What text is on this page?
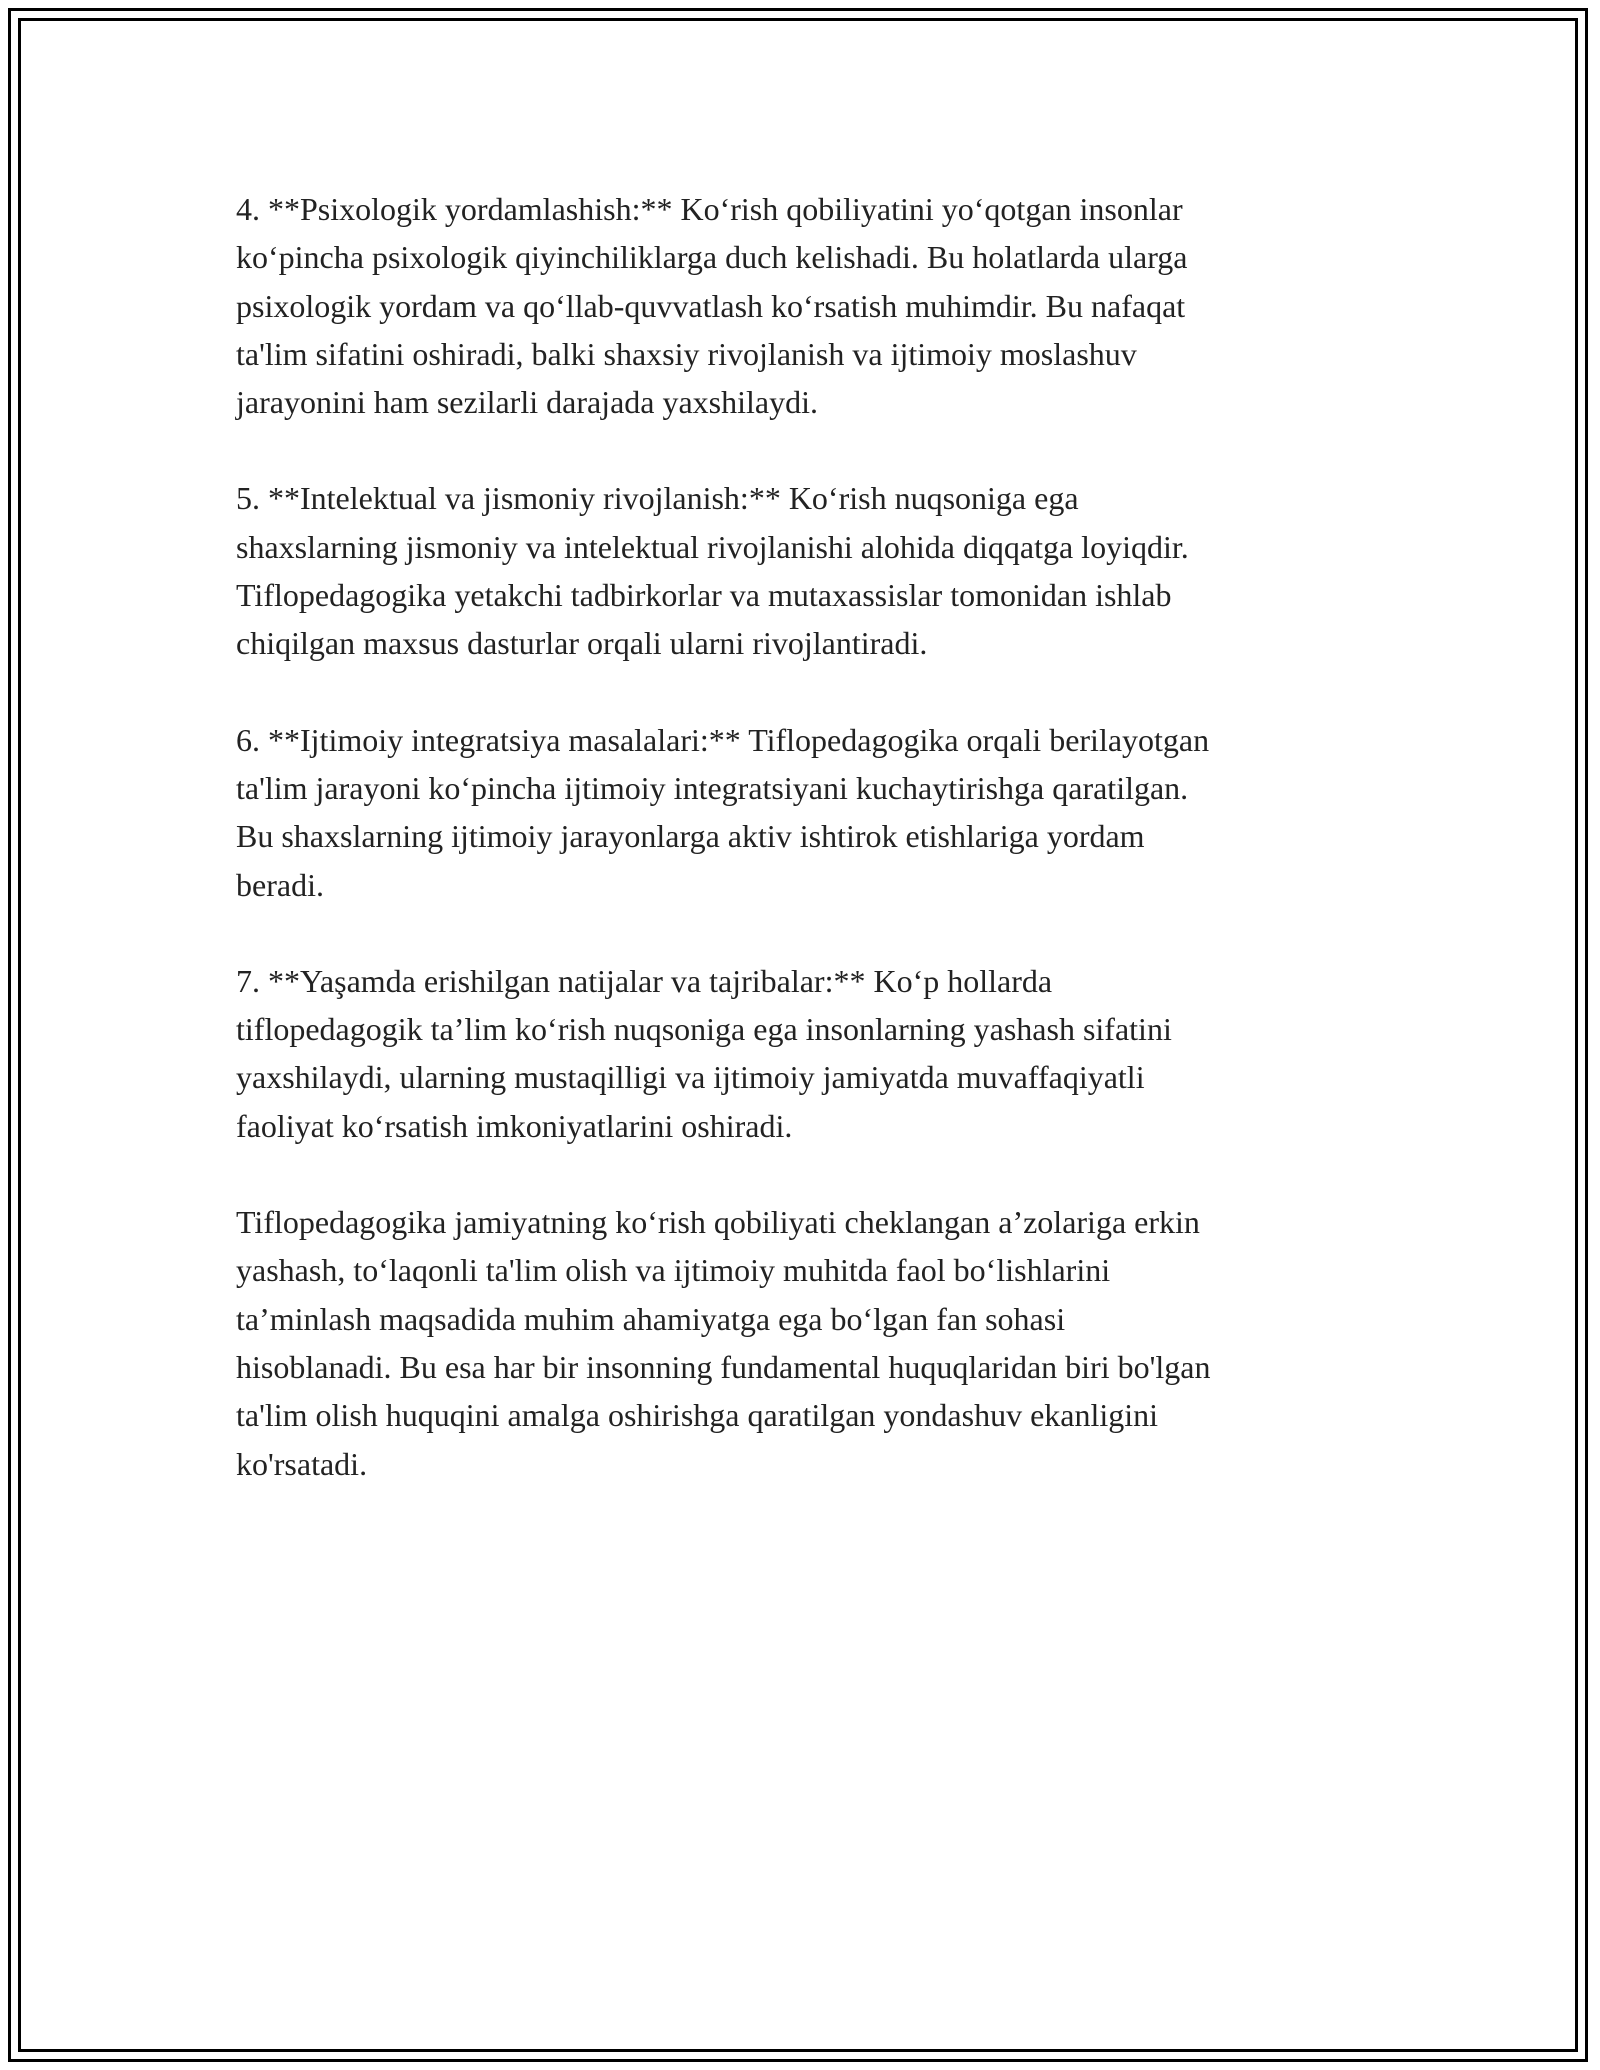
4. **Psixologik yordamlashish:** Ko‘rish qobiliyatini yo‘qotgan insonlar
ko‘pincha psixologik qiyinchiliklarga duch kelishadi. Bu holatlarda ularga
psixologik yordam va qo‘llab-quvvatlash ko‘rsatish muhimdir. Bu nafaqat
ta'lim sifatini oshiradi, balki shaxsiy rivojlanish va ijtimoiy moslashuv
jarayonini ham sezilarli darajada yaxshilaydi.

5. **Intelektual va jismoniy rivojlanish:** Ko‘rish nuqsoniga ega
shaxslarning jismoniy va intelektual rivojlanishi alohida diqqatga loyiqdir.
Tiflopedagogika yetakchi tadbirkorlar va mutaxassislar tomonidan ishlab
chiqilgan maxsus dasturlar orqali ularni rivojlantiradi.

6. **Ijtimoiy integratsiya masalalari:** Tiflopedagogika orqali berilayotgan
ta'lim jarayoni ko‘pincha ijtimoiy integratsiyani kuchaytirishga qaratilgan.
Bu shaxslarning ijtimoiy jarayonlarga aktiv ishtirok etishlariga yordam
beradi.

7. **Yaşamda erishilgan natijalar va tajribalar:** Ko‘p hollarda
tiflopedagogik ta’lim ko‘rish nuqsoniga ega insonlarning yashash sifatini
yaxshilaydi, ularning mustaqilligi va ijtimoiy jamiyatda muvaffaqiyatli
faoliyat ko‘rsatish imkoniyatlarini oshiradi.

Tiflopedagogika jamiyatning ko‘rish qobiliyati cheklangan a’zolariga erkin
yashash, to‘laqonli ta'lim olish va ijtimoiy muhitda faol bo‘lishlarini
ta’minlash maqsadida muhim ahamiyatga ega bo‘lgan fan sohasi
hisoblanadi. Bu esa har bir insonning fundamental huquqlaridan biri bo'lgan
ta'lim olish huquqini amalga oshirishga qaratilgan yondashuv ekanligini
ko'rsatadi.
